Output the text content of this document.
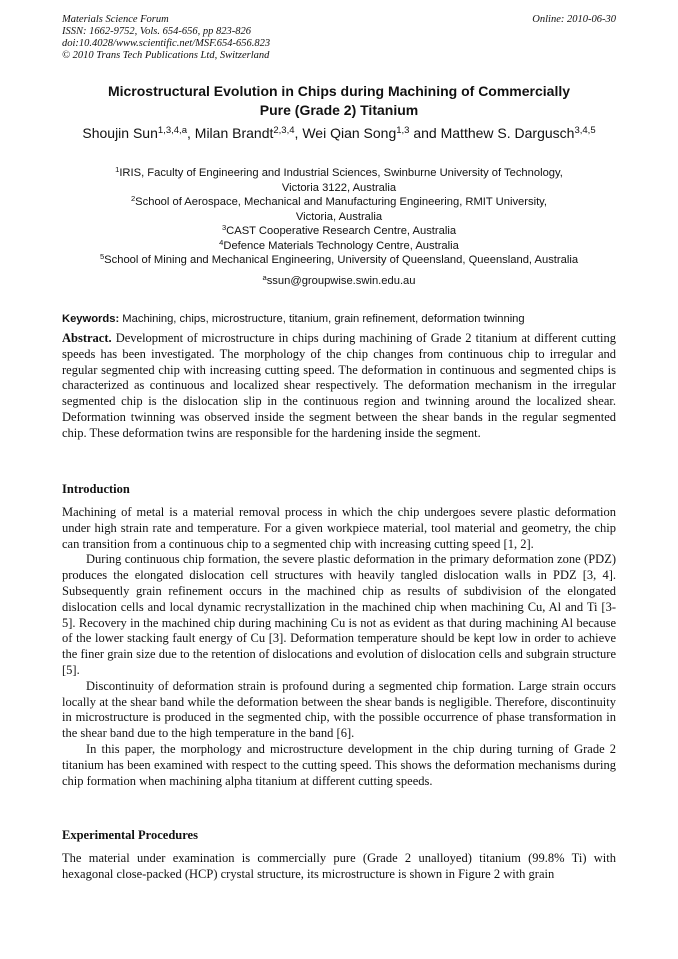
Materials Science Forum
ISSN: 1662-9752, Vols. 654-656, pp 823-826
doi:10.4028/www.scientific.net/MSF.654-656.823
© 2010 Trans Tech Publications Ltd, Switzerland
Online: 2010-06-30
Microstructural Evolution in Chips during Machining of Commercially
Pure (Grade 2) Titanium
Shoujin Sun$^{1,3,4,a}$, Milan Brandt$^{2,3,4}$, Wei Qian Song$^{1,3}$ and Matthew S. Dargusch$^{3,4,5}$
$^1$IRIS, Faculty of Engineering and Industrial Sciences, Swinburne University of Technology,
Victoria 3122, Australia
$^2$School of Aerospace, Mechanical and Manufacturing Engineering, RMIT University,
Victoria, Australia
$^3$CAST Cooperative Research Centre, Australia
$^4$Defence Materials Technology Centre, Australia
$^5$School of Mining and Mechanical Engineering, University of Queensland, Queensland, Australia
$^a$ssun@groupwise.swin.edu.au
Keywords: Machining, chips, microstructure, titanium, grain refinement, deformation twinning

Abstract. Development of microstructure in chips during machining of Grade 2 titanium at different cutting speeds has been investigated. The morphology of the chip changes from continuous chip to irregular and regular segmented chip with increasing cutting speed. The deformation in continuous and segmented chips is characterized as continuous and localized shear respectively. The deformation mechanism in the irregular segmented chip is the dislocation slip in the continuous region and twinning around the localized shear. Deformation twinning was observed inside the segment between the shear bands in the regular segmented chip. These deformation twins are responsible for the hardening inside the segment.

Introduction

Machining of metal is a material removal process in which the chip undergoes severe plastic deformation under high strain rate and temperature. For a given workpiece material, tool material and geometry, the chip can transition from a continuous chip to a segmented chip with increasing cutting speed [1, 2].

During continuous chip formation, the severe plastic deformation in the primary deformation zone (PDZ) produces the elongated dislocation cell structures with heavily tangled dislocation walls in PDZ [3, 4]. Subsequently grain refinement occurs in the machined chip as results of subdivision of the elongated dislocation cells and local dynamic recrystallization in the machined chip when machining Cu, Al and Ti [3-5]. Recovery in the machined chip during machining Cu is not as evident as that during machining Al because of the lower stacking fault energy of Cu [3]. Deformation temperature should be kept low in order to achieve the finer grain size due to the retention of dislocations and evolution of dislocation cells and subgrain structure [5].

Discontinuity of deformation strain is profound during a segmented chip formation. Large strain occurs locally at the shear band while the deformation between the shear bands is negligible. Therefore, discontinuity in microstructure is produced in the segmented chip, with the possible occurrence of phase transformation in the shear band due to the high temperature in the band [6].

In this paper, the morphology and microstructure development in the chip during turning of Grade 2 titanium has been examined with respect to the cutting speed. This shows the deformation mechanisms during chip formation when machining alpha titanium at different cutting speeds.

Experimental Procedures

The material under examination is commercially pure (Grade 2 unalloyed) titanium (99.8% Ti) with hexagonal close-packed (HCP) crystal structure, its microstructure is shown in Figure 2 with grain
